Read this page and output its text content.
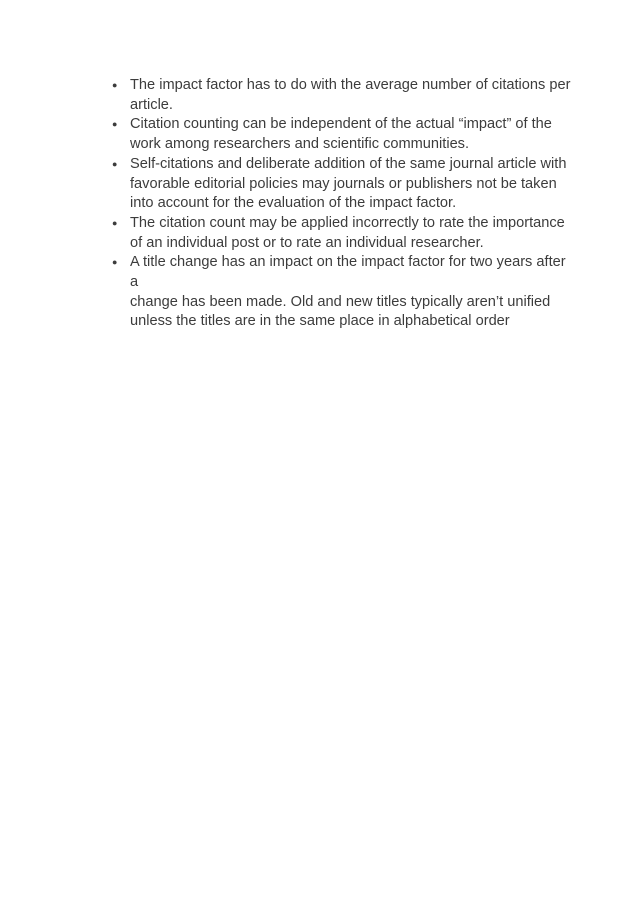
● The impact factor has to do with the average number of citations per
article.
● Citation counting can be independent of the actual “impact” of the
work among researchers and scientific communities.
● Self-citations and deliberate addition of the same journal article with
favorable editorial policies may journals or publishers not be taken
into account for the evaluation of the impact factor.
● The citation count may be applied incorrectly to rate the importance
of an individual post or to rate an individual researcher.
● A title change has an impact on the impact factor for two years after a
change has been made. Old and new titles typically aren’t unified
unless the titles are in the same place in alphabetical order
